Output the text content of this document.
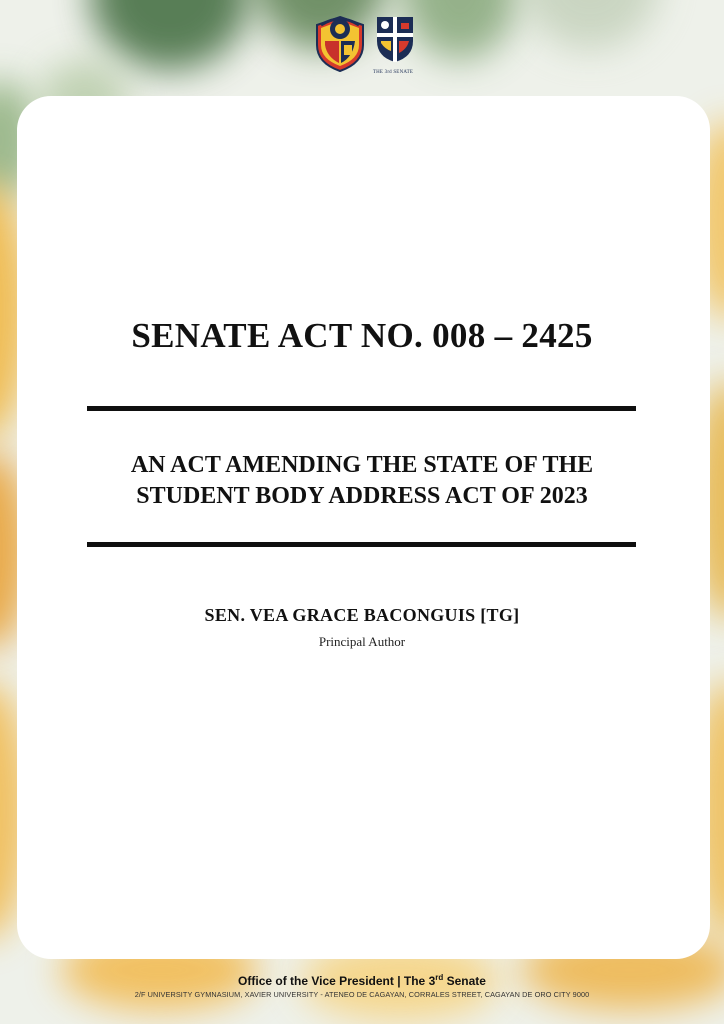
THE 3rd SENATE
SENATE ACT NO. 008 – 2425
AN ACT AMENDING THE STATE OF THE
STUDENT BODY ADDRESS ACT OF 2023
SEN. VEA GRACE BACONGUIS [TG]
Principal Author
Office of the Vice President | The 3rd Senate
2/F UNIVERSITY GYMNASIUM, XAVIER UNIVERSITY - ATENEO DE CAGAYAN, CORRALES STREET, CAGAYAN DE ORO CITY 9000
